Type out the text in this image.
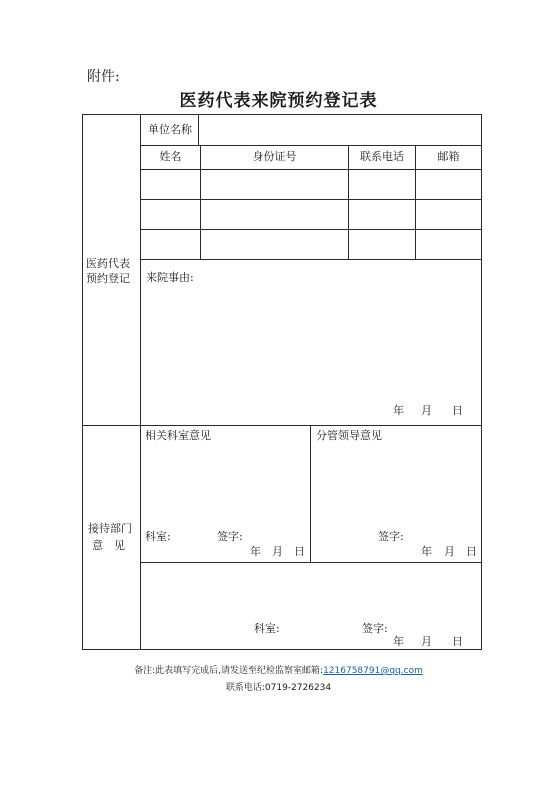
附件:
医药代表来院预约登记表
医药代表
预约登记
单位名称
姓名	身份证号	联系电话	邮箱
来院事由:
年 月 日
接待部门
意　见
相关科室意见	分管领导意见
科室:	签字:
年 月 日
签字:
年 月 日
科室:	签字:
年 月 日
备注:此表填写完成后,请发送至纪检监察室邮箱:1216758791@qq.com
联系电话:0719-2726234
